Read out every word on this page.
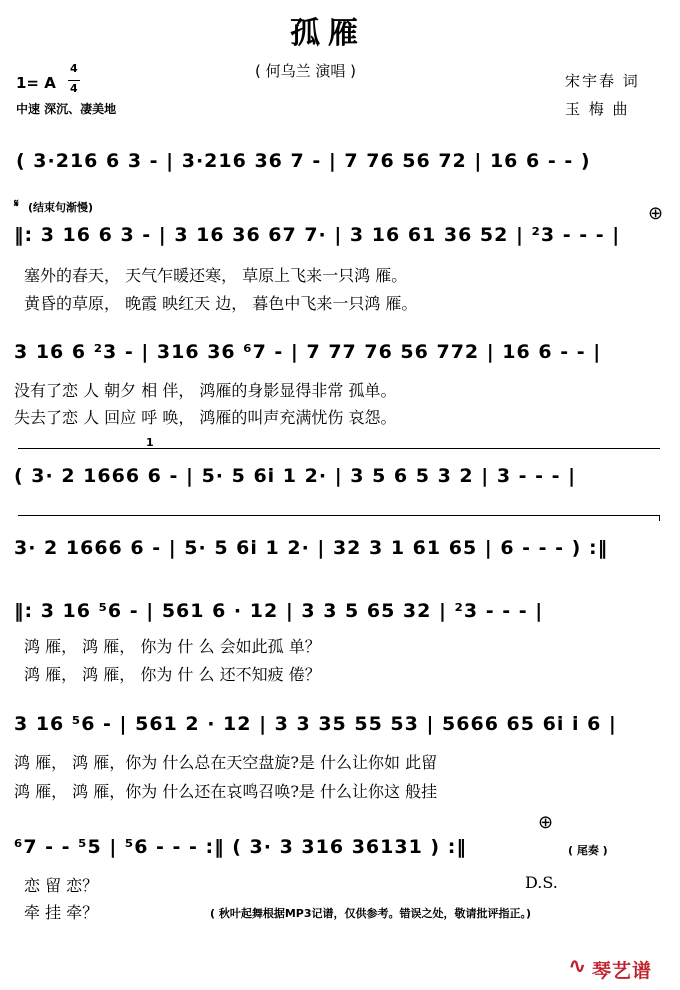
孤雁
( 何乌兰 演唱 )
1= A
4
4
中速 深沉、凄美地
宋宇春 词
玉 梅 曲
( 3·216 6 3 - | 3·216 36 7 - | 7 76 56 72 | 16 6 - - )
𝄋 (结束句渐慢)	⊕
‖: 3 16 6 3 - | 3 16 36 67 7· | 3 16 61 36 52 | ²3 - - - |
塞外的春天， 天气乍暖还寒， 草原上飞来一只鸿 雁。
黄昏的草原， 晚霞 映红天 边， 暮色中飞来一只鸿 雁。
3 16 6 ²3 - | 316 36 ⁶7 - | 7 77 76 56 772 | 16 6 - - |
没有了恋 人 朝夕 相 伴， 鸿雁的身影显得非常 孤单。
失去了恋 人 回应 呼 唤， 鸿雁的叫声充满忧伤 哀怨。
1
( 3· 2 1666 6 - | 5· 5 6i 1 2· | 3 5 6 5 3 2 | 3 - - - |
3· 2 1666 6 - | 5· 5 6i 1 2· | 32 3 1 61 65 | 6 - - - ) :‖
‖: 3 16 ⁵6 - | 561 6 · 12 | 3 3 5 65 32 | ²3 - - - |
鸿 雁， 鸿 雁， 你为 什 么 会如此孤 单？
鸿 雁， 鸿 雁， 你为 什 么 还不知疲 倦？
3 16 ⁵6 - | 561 2 · 12 | 3 3 35 55 53 | 5666 65 6i i 6 |
鸿 雁， 鸿 雁，你为 什么总在天空盘旋?是 什么让你如 此留
鸿 雁， 鸿 雁，你为 什么还在哀鸣召唤?是 什么让你这 般挂
⊕
⁶7 - - ⁵5 | ⁵6 - - - :‖ ( 3· 3 316 36131 ) :‖	( 尾奏 )
恋 留 恋？	D.S.
牵 挂 牵？	( 秋叶起舞根据MP3记谱，仅供参考。错误之处，敬请批评指正。)
∿ 琴艺谱
